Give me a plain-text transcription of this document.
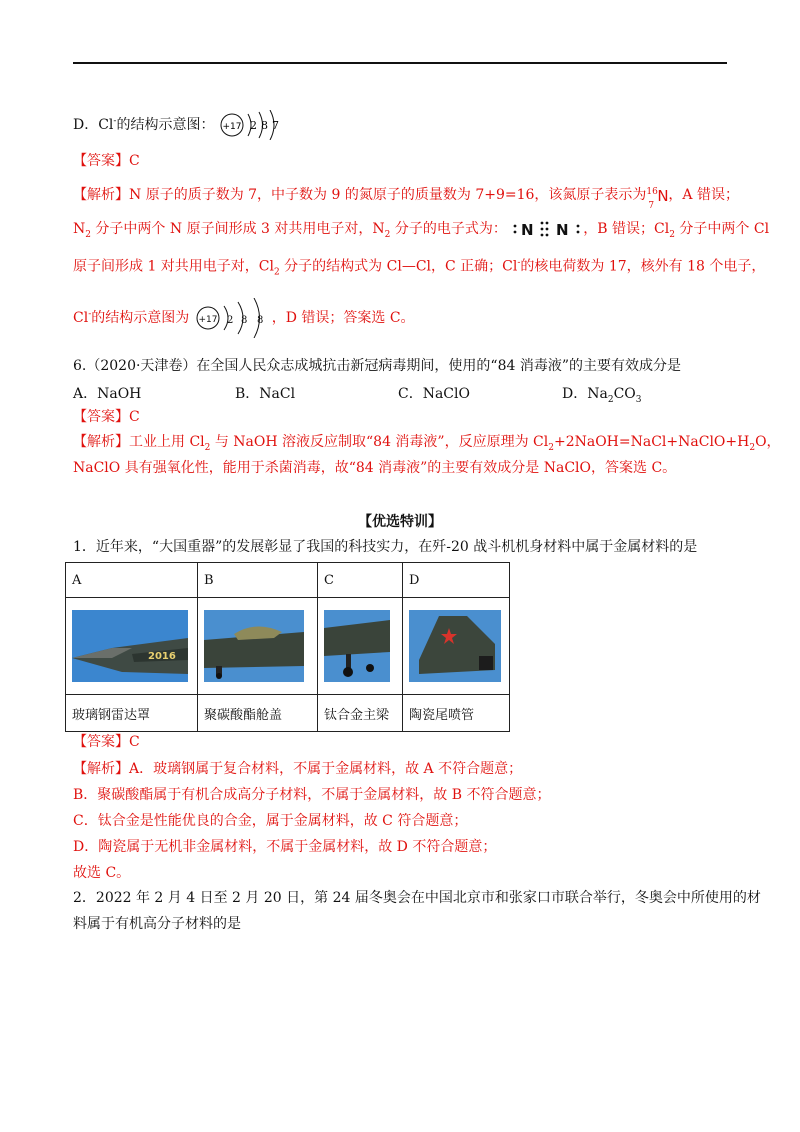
D．Cl-的结构示意图： +17 2 8 7
【答案】C
【解析】N 原子的质子数为 7，中子数为 9 的氮原子的质量数为 7+9=16，该氮原子表示为 16
7
N ，A 错误；
$N_2$ 分子中两个 N 原子间形成 3 对共用电子对，$N_2$ 分子的电子式为： N N ，B 错误；$Cl_2$ 分子中两个 Cl
原子间形成 1 对共用电子对，$Cl_2$ 分子的结构式为 Cl—Cl，C 正确；Cl-的核电荷数为 17，核外有 18 个电子，
Cl-的结构示意图为 +17 2 8 8 ，D 错误；答案选 C。
6.（2020·天津卷）在全国人民众志成城抗击新冠病毒期间，使用的“84 消毒液”的主要有效成分是
A．NaOH	B．NaCl	C．NaClO	D．$Na_2CO_3$
【答案】C
【解析】工业上用 $Cl_2$ 与 NaOH 溶液反应制取“84 消毒液”，反应原理为 $Cl_2+2NaOH=NaCl+NaClO+H_2O$，
NaClO 具有强氧化性，能用于杀菌消毒，故“84 消毒液”的主要有效成分是 NaClO，答案选 C。
【优选特训】
1．近年来，“大国重器”的发展彰显了我国的科技实力，在歼-20 战斗机机身材料中属于金属材料的是
A	B	C	D

2016

玻璃钢雷达罩	聚碳酸酯舱盖	钛合金主梁	陶瓷尾喷管
【答案】C
【解析】A．玻璃钢属于复合材料，不属于金属材料，故 A 不符合题意；
B．聚碳酸酯属于有机合成高分子材料，不属于金属材料，故 B 不符合题意；
C．钛合金是性能优良的合金，属于金属材料，故 C 符合题意；
D．陶瓷属于无机非金属材料，不属于金属材料，故 D 不符合题意；
故选 C。
2．2022 年 2 月 4 日至 2 月 20 日，第 24 届冬奥会在中国北京市和张家口市联合举行，冬奥会中所使用的材
料属于有机高分子材料的是
